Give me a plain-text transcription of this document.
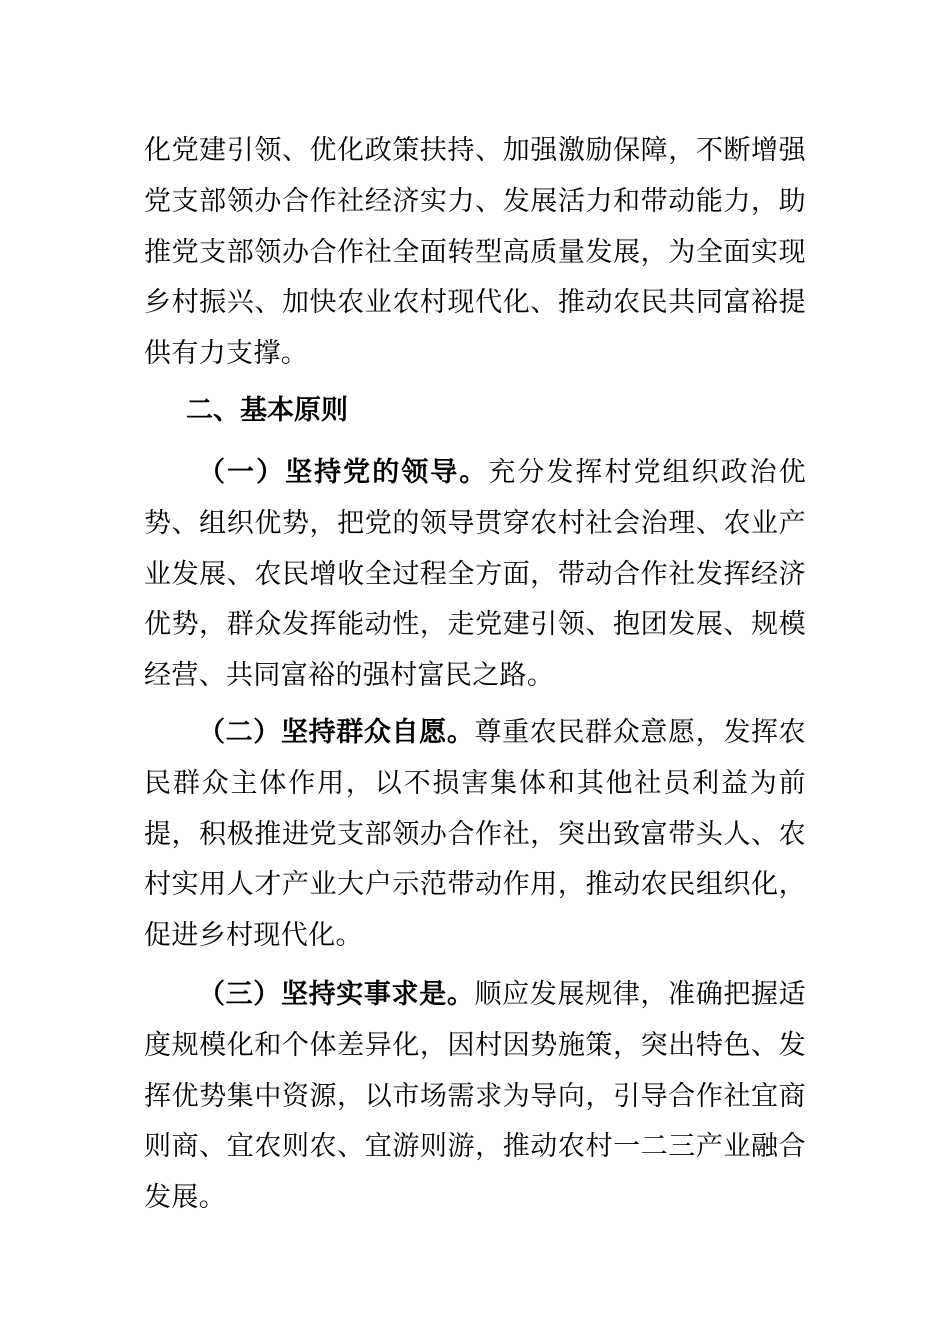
化党建引领、优化政策扶持、加强激励保障，不断增强党支部领办合作社经济实力、发展活力和带动能力，助推党支部领办合作社全面转型高质量发展，为全面实现乡村振兴、加快农业农村现代化、推动农民共同富裕提供有力支撑。

二、基本原则

（一）坚持党的领导。充分发挥村党组织政治优势、组织优势，把党的领导贯穿农村社会治理、农业产业发展、农民增收全过程全方面，带动合作社发挥经济优势，群众发挥能动性，走党建引领、抱团发展、规模经营、共同富裕的强村富民之路。

（二）坚持群众自愿。尊重农民群众意愿，发挥农民群众主体作用，以不损害集体和其他社员利益为前提，积极推进党支部领办合作社，突出致富带头人、农村实用人才产业大户示范带动作用，推动农民组织化，促进乡村现代化。

（三）坚持实事求是。顺应发展规律，准确把握适度规模化和个体差异化，因村因势施策，突出特色、发挥优势集中资源，以市场需求为导向，引导合作社宜商则商、宜农则农、宜游则游，推动农村一二三产业融合发展。
